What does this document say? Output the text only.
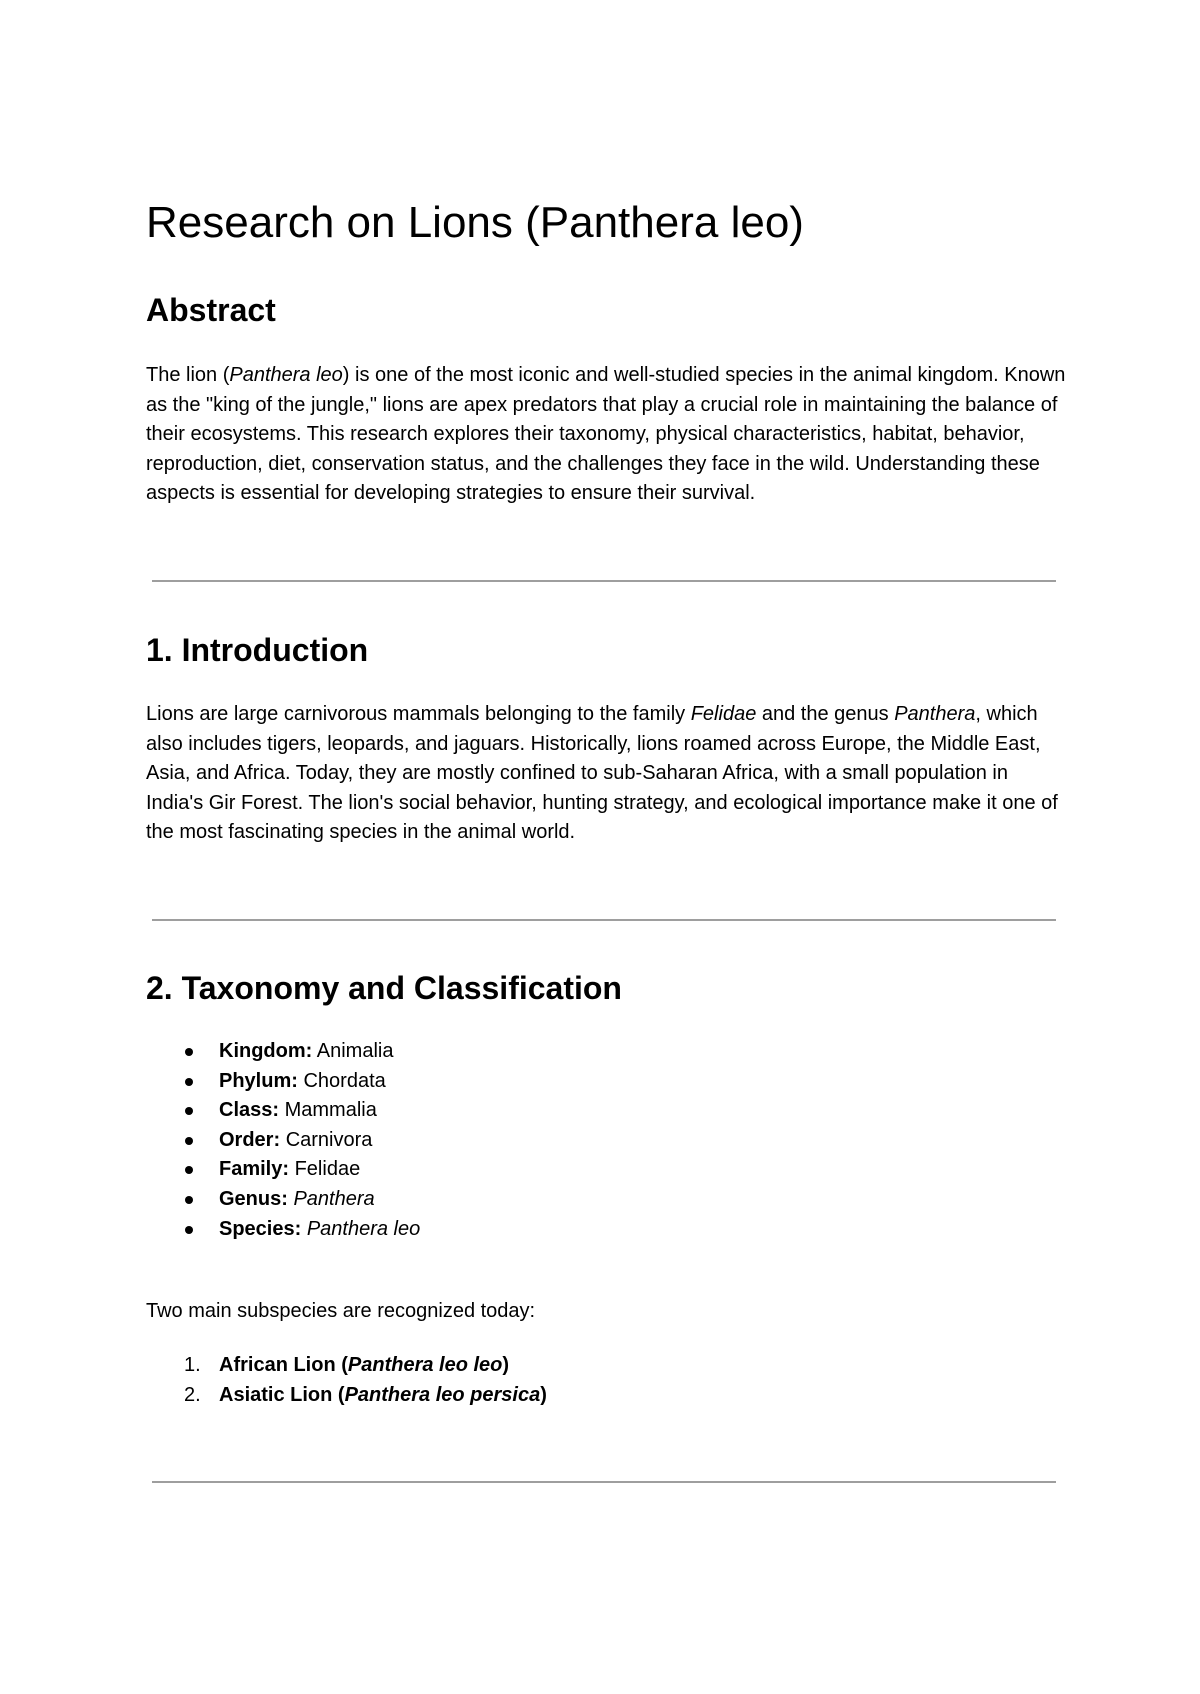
Research on Lions (Panthera leo)
Abstract

The lion (Panthera leo) is one of the most iconic and well-studied species in the animal kingdom. Known as the "king of the jungle," lions are apex predators that play a crucial role in maintaining the balance of their ecosystems. This research explores their taxonomy, physical characteristics, habitat, behavior, reproduction, diet, conservation status, and the challenges they face in the wild. Understanding these aspects is essential for developing strategies to ensure their survival.

1. Introduction

Lions are large carnivorous mammals belonging to the family Felidae and the genus Panthera, which also includes tigers, leopards, and jaguars. Historically, lions roamed across Europe, the Middle East, Asia, and Africa. Today, they are mostly confined to sub-Saharan Africa, with a small population in India's Gir Forest. The lion's social behavior, hunting strategy, and ecological importance make it one of the most fascinating species in the animal world.

2. Taxonomy and Classification
Kingdom: Animalia
Phylum: Chordata
Class: Mammalia
Order: Carnivora
Family: Felidae
Genus: Panthera
Species: Panthera leo

Two main subspecies are recognized today:

1. African Lion (Panthera leo leo)
2. Asiatic Lion (Panthera leo persica)
